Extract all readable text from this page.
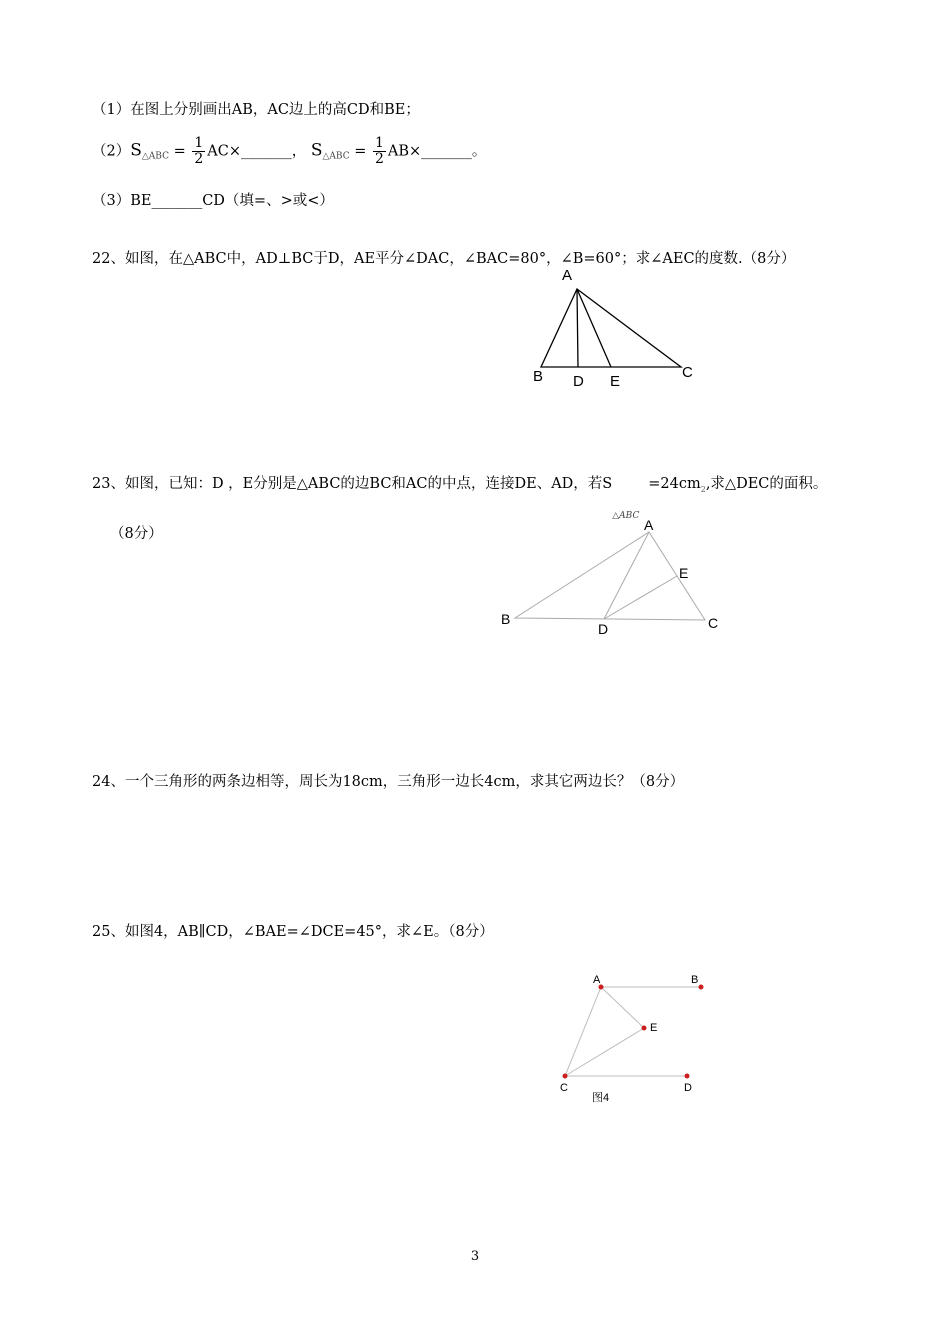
（1）在图上分别画出AB，AC边上的高CD和BE；
$(2)S_{\triangle ABC} = \frac{1}{2}$ AC×_______， $S_{\triangle ABC} = \frac{1}{2}$ AB×_______。
（3）BE_______CD（填=、>或<）
22、如图，在△ABC中，AD⊥BC于D，AE平分∠DAC，∠BAC=80°，∠B=60°；求∠AEC的度数.（8分）
A
B D E
C
23、如图，已知：D ，E分别是△ABC的边BC和AC的中点，连接DE、AD，若S
△ABC
$=24cm_2$,求△DEC的面积。
（8分）
A
B
D
E
C
24、一个三角形的两条边相等，周长为18cm，三角形一边长4cm，求其它两边长？（8分）
25、如图4，AB∥CD，∠BAE=∠DCE=45°，求∠E。（8分）
A	B
E
C	D
图4
3
